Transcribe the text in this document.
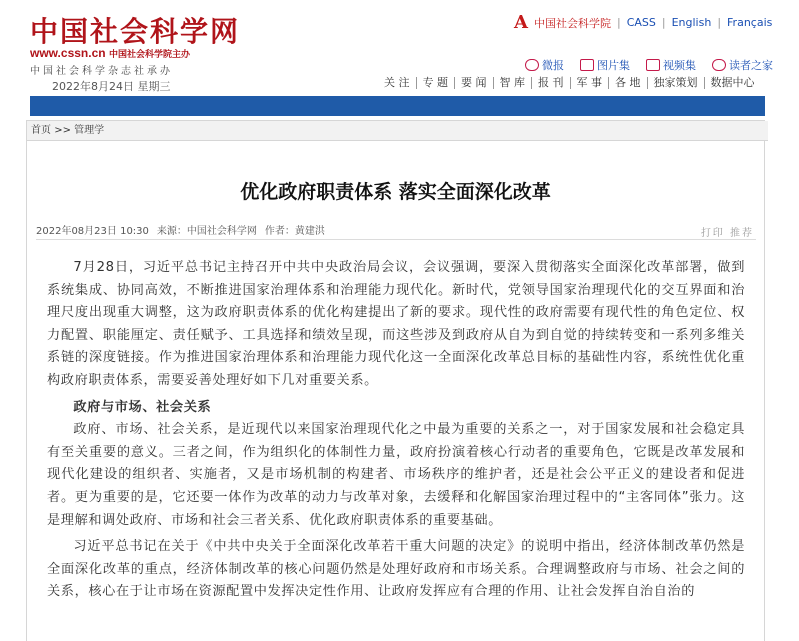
中国社会科学网
www.cssn.cn 中国社会科学院主办
中国社会科学杂志社承办
2022年8月24日 星期三
A 中国社会科学院 | CASS | English | Français
微报	图片集	视频集	读者之家
关 注	专 题	要 闻	智 库	报 刊	军 事	各 地	独家策划	数据中心
首页 >> 管理学
优化政府职责体系 落实全面深化改革
2022年08月23日 10:30 来源：中国社会科学网 作者：黄建洪	打印 推荐

7月28日，习近平总书记主持召开中共中央政治局会议，会议强调，要深入贯彻落实全面深化改革部署，做到系统集成、协同高效，不断推进国家治理体系和治理能力现代化。新时代，党领导国家治理现代化的交互界面和治理尺度出现重大调整，这为政府职责体系的优化构建提出了新的要求。现代性的政府需要有现代性的角色定位、权力配置、职能厘定、责任赋予、工具选择和绩效呈现，而这些涉及到政府从自为到自觉的持续转变和一系列多维关系链的深度链接。作为推进国家治理体系和治理能力现代化这一全面深化改革总目标的基础性内容，系统性优化重构政府职责体系，需要妥善处理好如下几对重要关系。

政府与市场、社会关系

政府、市场、社会关系，是近现代以来国家治理现代化之中最为重要的关系之一，对于国家发展和社会稳定具有至关重要的意义。三者之间，作为组织化的体制性力量，政府扮演着核心行动者的重要角色，它既是改革发展和现代化建设的组织者、实施者，又是市场机制的构建者、市场秩序的维护者，还是社会公平正义的建设者和促进者。更为重要的是，它还要一体作为改革的动力与改革对象，去缓释和化解国家治理过程中的“主客同体”张力。这是理解和调处政府、市场和社会三者关系、优化政府职责体系的重要基础。

习近平总书记在关于《中共中央关于全面深化改革若干重大问题的决定》的说明中指出，经济体制改革仍然是全面深化改革的重点，经济体制改革的核心问题仍然是处理好政府和市场关系。合理调整政府与市场、社会之间的关系，核心在于让市场在资源配置中发挥决定性作用、让政府发挥应有合理的作用、让社会发挥自治自治的
